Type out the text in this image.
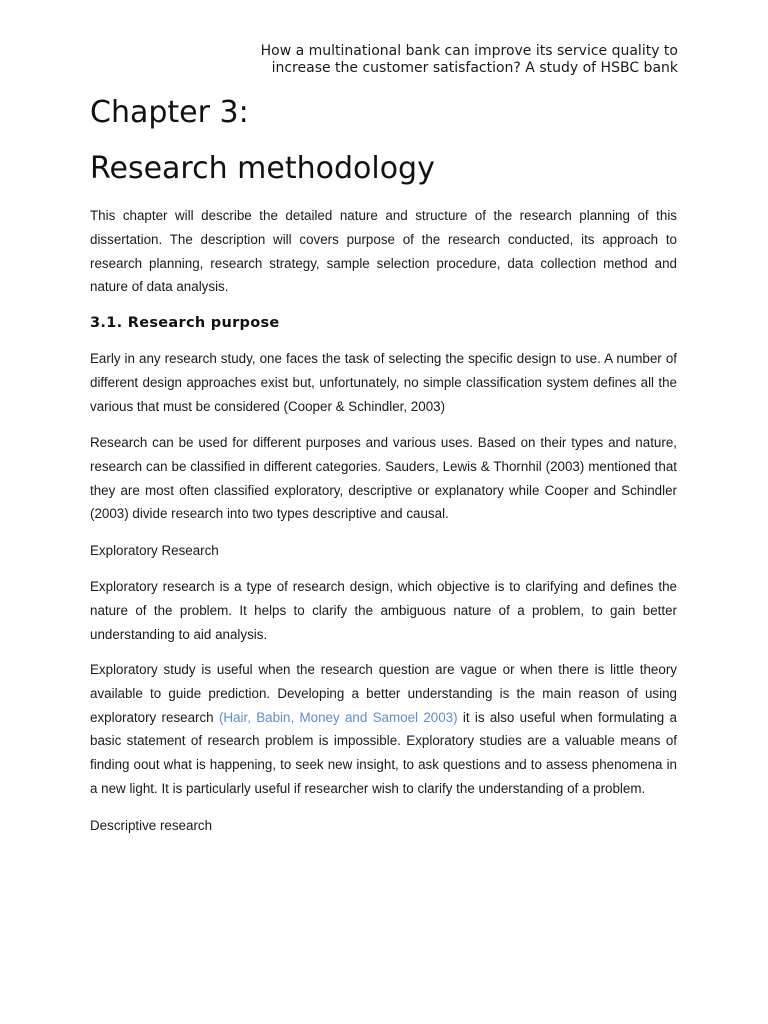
How a multinational bank can improve its service quality to
increase the customer satisfaction? A study of HSBC bank
Chapter 3:
Research methodology

This chapter will describe the detailed nature and structure of the research planning of this dissertation. The description will covers purpose of the research conducted, its approach to research planning, research strategy, sample selection procedure, data collection method and nature of data analysis.

3.1. Research purpose

Early in any research study, one faces the task of selecting the specific design to use. A number of different design approaches exist but, unfortunately, no simple classification system defines all the various that must be considered (Cooper & Schindler, 2003)

Research can be used for different purposes and various uses. Based on their types and nature, research can be classified in different categories. Sauders, Lewis & Thornhil (2003) mentioned that they are most often classified exploratory, descriptive or explanatory while Cooper and Schindler (2003) divide research into two types descriptive and causal.

Exploratory Research

Exploratory research is a type of research design, which objective is to clarifying and defines the nature of the problem. It helps to clarify the ambiguous nature of a problem, to gain better understanding to aid analysis.

Exploratory study is useful when the research question are vague or when there is little theory available to guide prediction. Developing a better understanding is the main reason of using exploratory research (Hair, Babin, Money and Samoel 2003) it is also useful when formulating a basic statement of research problem is impossible. Exploratory studies are a valuable means of finding oout what is happening, to seek new insight, to ask questions and to assess phenomena in a new light. It is particularly useful if researcher wish to clarify the understanding of a problem.

Descriptive research
